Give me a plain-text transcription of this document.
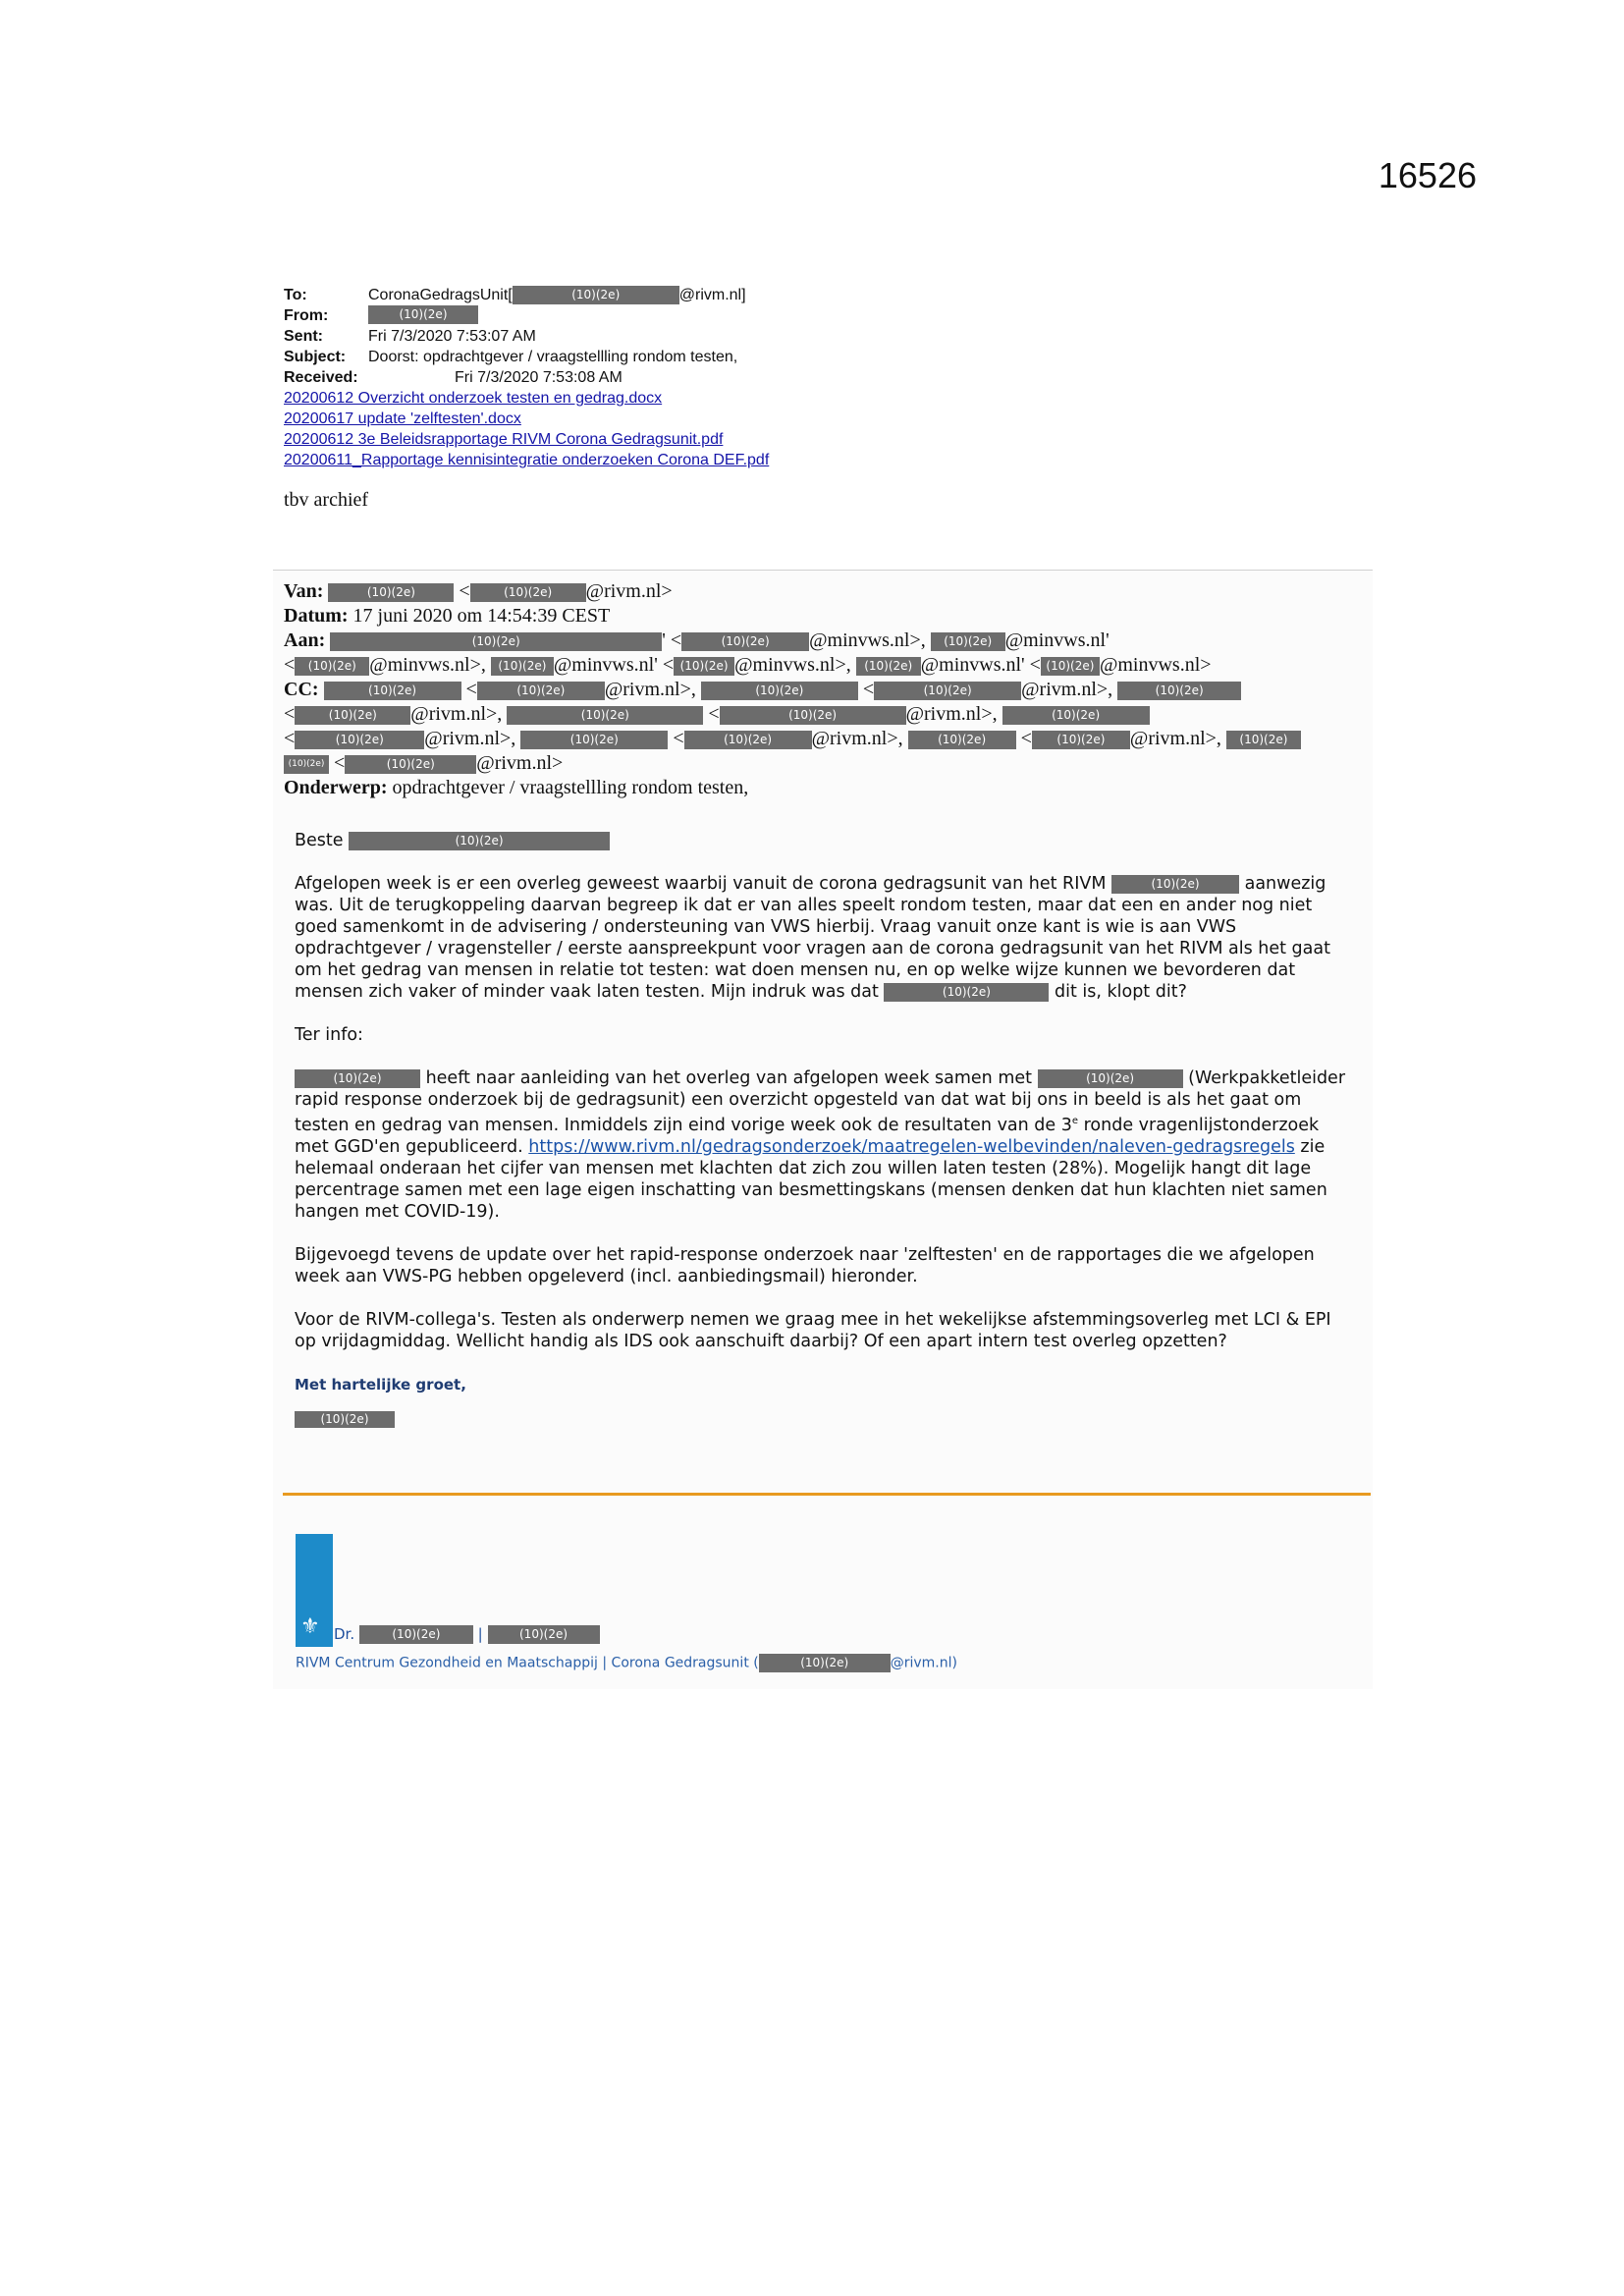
16526
To:	CoronaGedragsUnit[	(10)(2e)	@rivm.nl]
From:	(10)(2e)
Sent:	Fri 7/3/2020 7:53:07 AM
Subject:	Doorst: opdrachtgever / vraagstellling rondom testen,
Received:	Fri 7/3/2020 7:53:08 AM
20200612 Overzicht onderzoek testen en gedrag.docx
20200617 update 'zelftesten'.docx
20200612 3e Beleidsrapportage RIVM Corona Gedragsunit.pdf
20200611_Rapportage kennisintegratie onderzoeken Corona DEF.pdf
tbv archief
Van:	(10)(2e) <	(10)(2e) @rivm.nl>
Datum: 17 juni 2020 om 14:54:39 CEST
Aan:	(10)(2e)	' <	(10)(2e) @minvws.nl>, (10)(2e) @minvws.nl'
< (10)(2e) @minvws.nl>, (10)(2e) @minvws.nl' < (10)(2e) @minvws.nl>, (10)(2e) @minvws.nl' < (10)(2e) @minvws.nl>
CC:	(10)(2e) <	(10)(2e) @rivm.nl>,	(10)(2e)	<	(10)(2e)	@rivm.nl>,	(10)(2e)
<	(10)(2e) @rivm.nl>,	(10)(2e)	<	(10)(2e)	@rivm.nl>,	(10)(2e)
<	(10)(2e) @rivm.nl>,	(10)(2e)	<	(10)(2e) @rivm.nl>,	(10)(2e) < (10)(2e) @rivm.nl>, (10)(2e)
(10)(2e) <	(10)(2e) @rivm.nl>
Onderwerp: opdrachtgever / vraagstellling rondom testen,

Beste	(10)(2e)

Afgelopen week is er een overleg geweest waarbij vanuit de corona gedragsunit van het RIVM	(10)(2e)	aanwezig was. Uit de terugkoppeling daarvan begreep ik dat er van alles speelt rondom testen, maar dat een en ander nog niet goed samenkomt in de advisering / ondersteuning van VWS hierbij. Vraag vanuit onze kant is wie is aan VWS opdrachtgever / vragensteller / eerste aanspreekpunt voor vragen aan de corona gedragsunit van het RIVM als het gaat om het gedrag van mensen in relatie tot testen: wat doen mensen nu, en op welke wijze kunnen we bevorderen dat mensen zich vaker of minder vaak laten testen. Mijn indruk was dat	(10)(2e)	dit is, klopt dit?

Ter info:

(10)(2e)	heeft naar aanleiding van het overleg van afgelopen week samen met	(10)(2e)	(Werkpakketleider rapid response onderzoek bij de gedragsunit) een overzicht opgesteld van dat wat bij ons in beeld is als het gaat om testen en gedrag van mensen. Inmiddels zijn eind vorige week ook de resultaten van de 3e ronde vragenlijstonderzoek met GGD'en gepubliceerd. https://www.rivm.nl/gedragsonderzoek/maatregelen-welbevinden/naleven-gedragsregels zie helemaal onderaan het cijfer van mensen met klachten dat zich zou willen laten testen (28%). Mogelijk hangt dit lage percentrage samen met een lage eigen inschatting van besmettingskans (mensen denken dat hun klachten niet samen hangen met COVID-19).

Bijgevoegd tevens de update over het rapid-response onderzoek naar 'zelftesten' en de rapportages die we afgelopen week aan VWS-PG hebben opgeleverd (incl. aanbiedingsmail) hieronder.

Voor de RIVM-collega's. Testen als onderwerp nemen we graag mee in het wekelijkse afstemmingsoverleg met LCI & EPI op vrijdagmiddag. Wellicht handig als IDS ook aanschuift daarbij? Of een apart intern test overleg opzetten?

Met hartelijke groet,
(10)(2e)
⚜ Dr.	(10)(2e)	|	(10)(2e)
RIVM Centrum Gezondheid en Maatschappij | Corona Gedragsunit (	(10)(2e)	@rivm.nl)
